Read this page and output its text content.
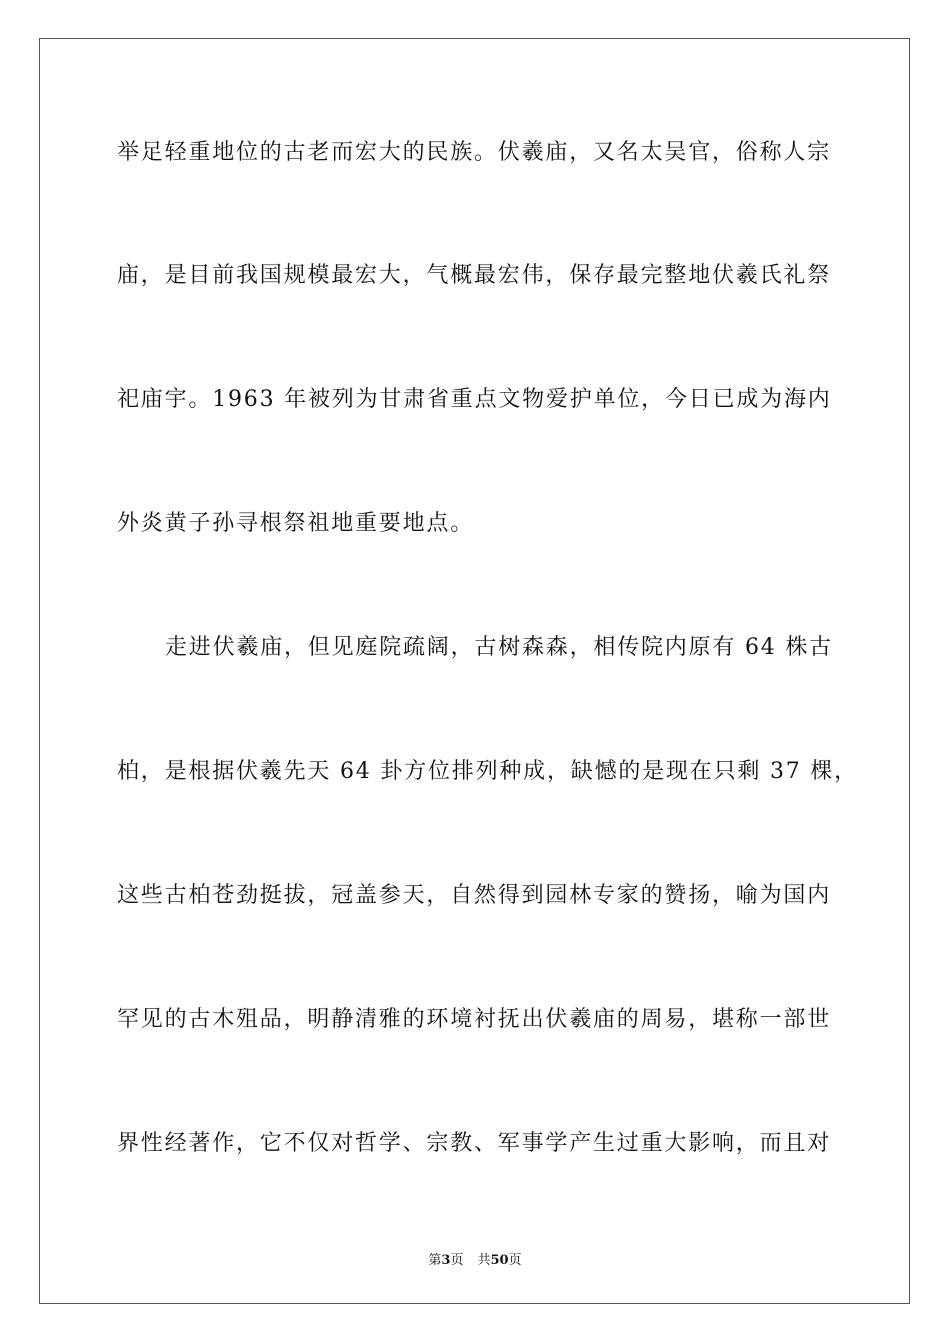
举足轻重地位的古老而宏大的民族。伏羲庙，又名太吴官，俗称人宗

庙，是目前我国规模最宏大，气概最宏伟，保存最完整地伏羲氏礼祭

祀庙宇。1963 年被列为甘肃省重点文物爱护单位，今日已成为海内

外炎黄子孙寻根祭祖地重要地点。

走进伏羲庙，但见庭院疏阔，古树森森，相传院内原有 64 株古

柏，是根据伏羲先天 64 卦方位排列种成，缺憾的是现在只剩 37 棵，

这些古柏苍劲挺拔，冠盖参天，自然得到园林专家的赞扬，喻为国内

罕见的古木殂品，明静清雅的环境衬抚出伏羲庙的周易，堪称一部世

界性经著作，它不仅对哲学、宗教、军事学产生过重大影响，而且对

第3页 共50页
